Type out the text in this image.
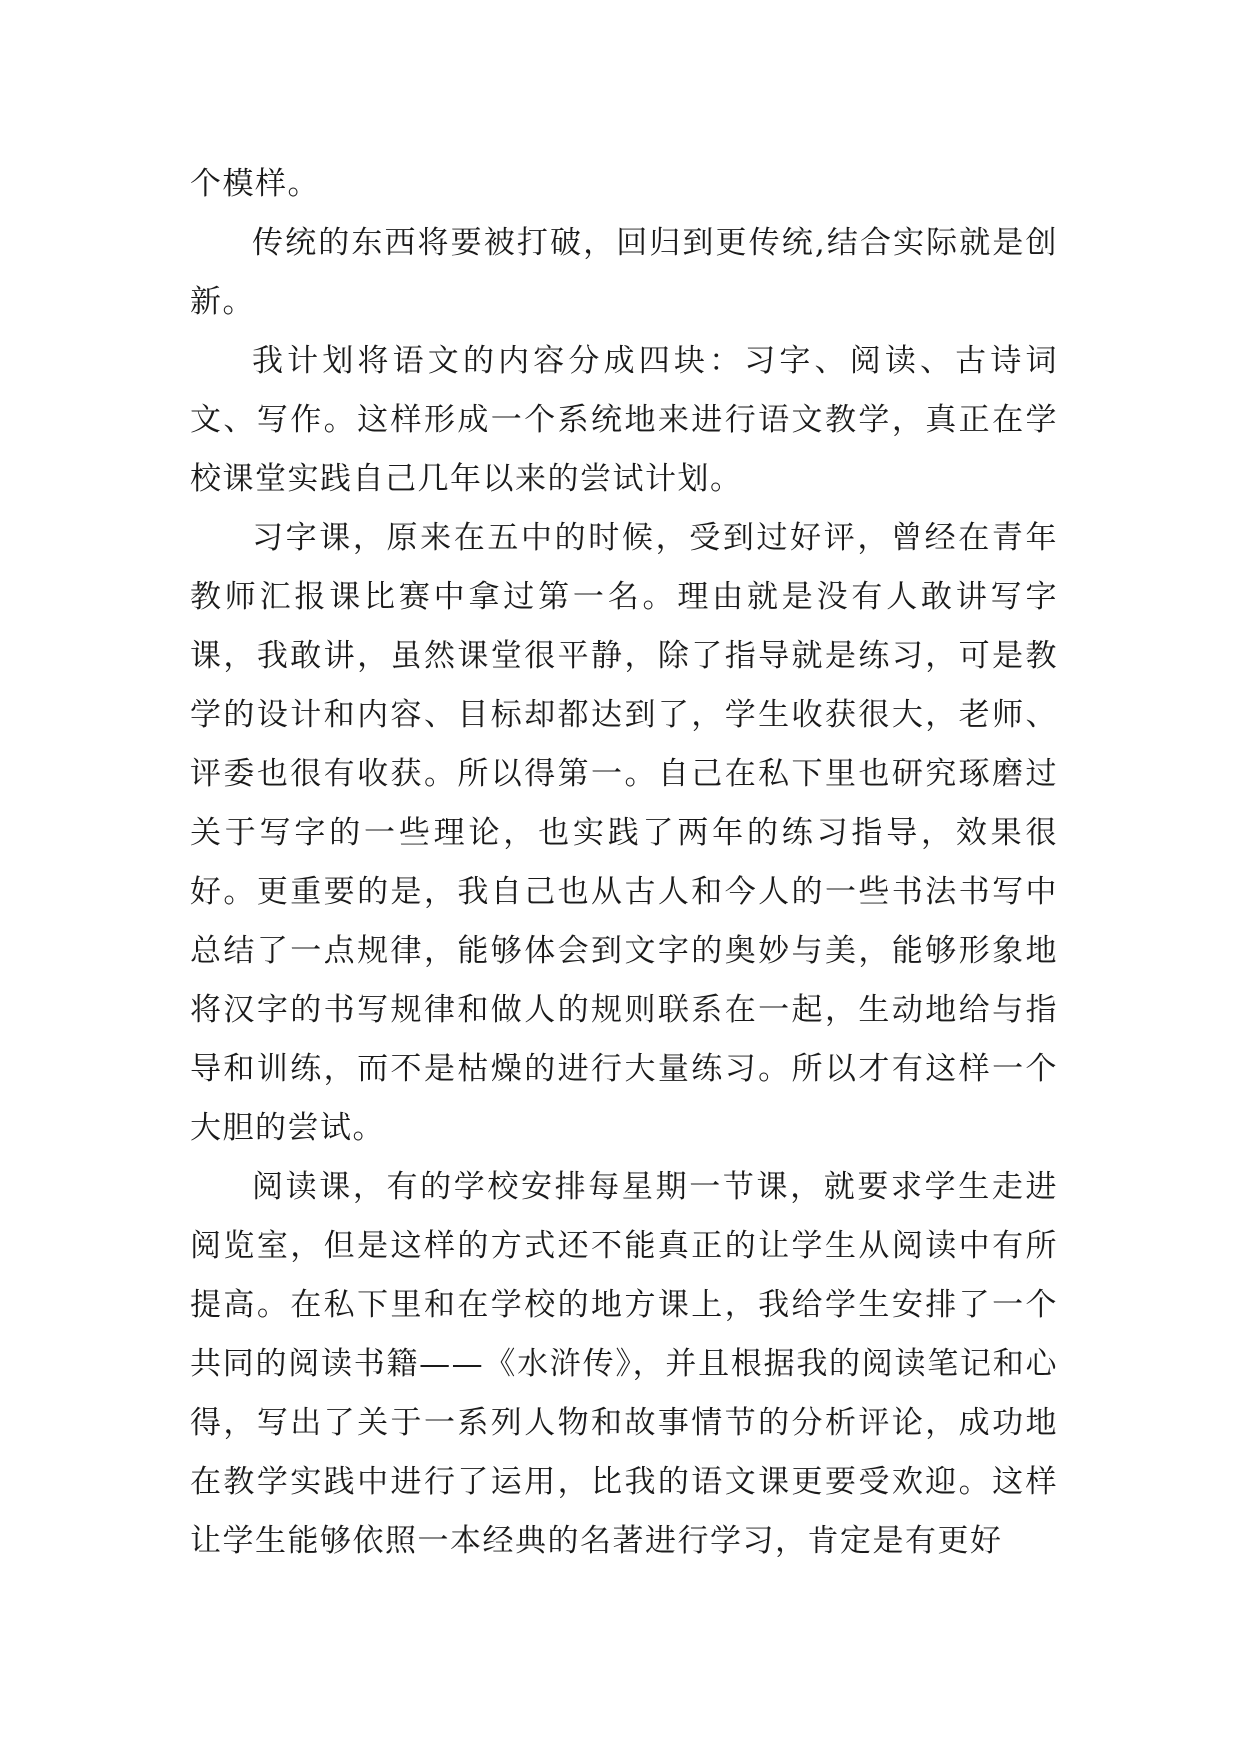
个模样。

传统的东西将要被打破，回归到更传统,结合实际就是创新。

我计划将语文的内容分成四块：习字、阅读、古诗词文、写作。这样形成一个系统地来进行语文教学，真正在学校课堂实践自己几年以来的尝试计划。

习字课，原来在五中的时候，受到过好评，曾经在青年教师汇报课比赛中拿过第一名。理由就是没有人敢讲写字课，我敢讲，虽然课堂很平静，除了指导就是练习，可是教学的设计和内容、目标却都达到了，学生收获很大，老师、评委也很有收获。所以得第一。自己在私下里也研究琢磨过关于写字的一些理论，也实践了两年的练习指导，效果很好。更重要的是，我自己也从古人和今人的一些书法书写中总结了一点规律，能够体会到文字的奥妙与美，能够形象地将汉字的书写规律和做人的规则联系在一起，生动地给与指导和训练，而不是枯燥的进行大量练习。所以才有这样一个大胆的尝试。

阅读课，有的学校安排每星期一节课，就要求学生走进阅览室，但是这样的方式还不能真正的让学生从阅读中有所提高。在私下里和在学校的地方课上，我给学生安排了一个共同的阅读书籍——《水浒传》，并且根据我的阅读笔记和心得，写出了关于一系列人物和故事情节的分析评论，成功地在教学实践中进行了运用，比我的语文课更要受欢迎。这样让学生能够依照一本经典的名著进行学习，肯定是有更好
